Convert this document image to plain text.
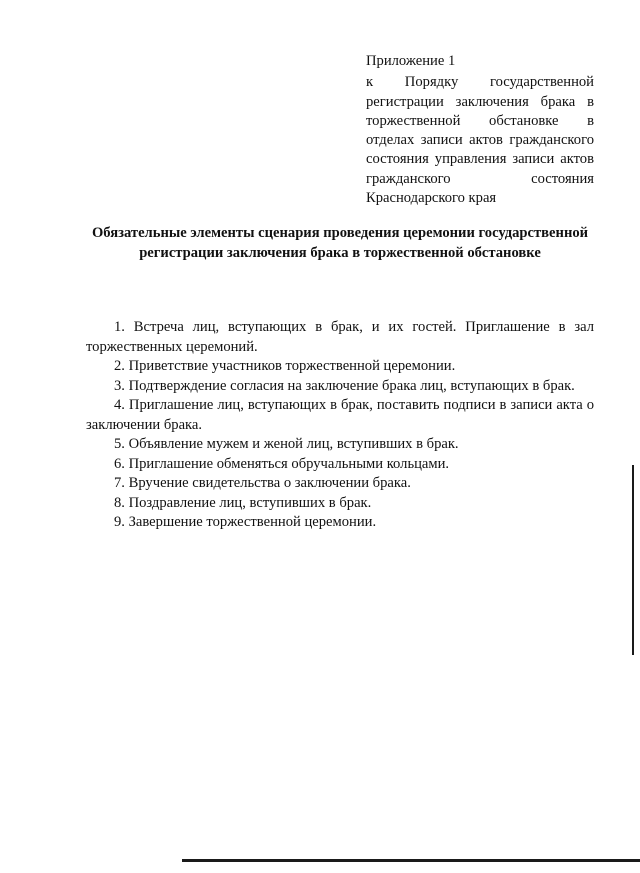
Приложение 1

к Порядку государственной регистрации заключения брака в торжественной обстановке в отделах записи актов гражданского состояния управления записи актов гражданского состояния Краснодарского края

Обязательные элементы сценария проведения церемонии государственной регистрации заключения брака в торжественной обстановке

1. Встреча лиц, вступающих в брак, и их гостей. Приглашение в зал торжественных церемоний.

2. Приветствие участников торжественной церемонии.

3. Подтверждение согласия на заключение брака лиц, вступающих в брак.

4. Приглашение лиц, вступающих в брак, поставить подписи в записи акта о заключении брака.

5. Объявление мужем и женой лиц, вступивших в брак.

6. Приглашение обменяться обручальными кольцами.

7. Вручение свидетельства о заключении брака.

8. Поздравление лиц, вступивших в брак.

9. Завершение торжественной церемонии.
